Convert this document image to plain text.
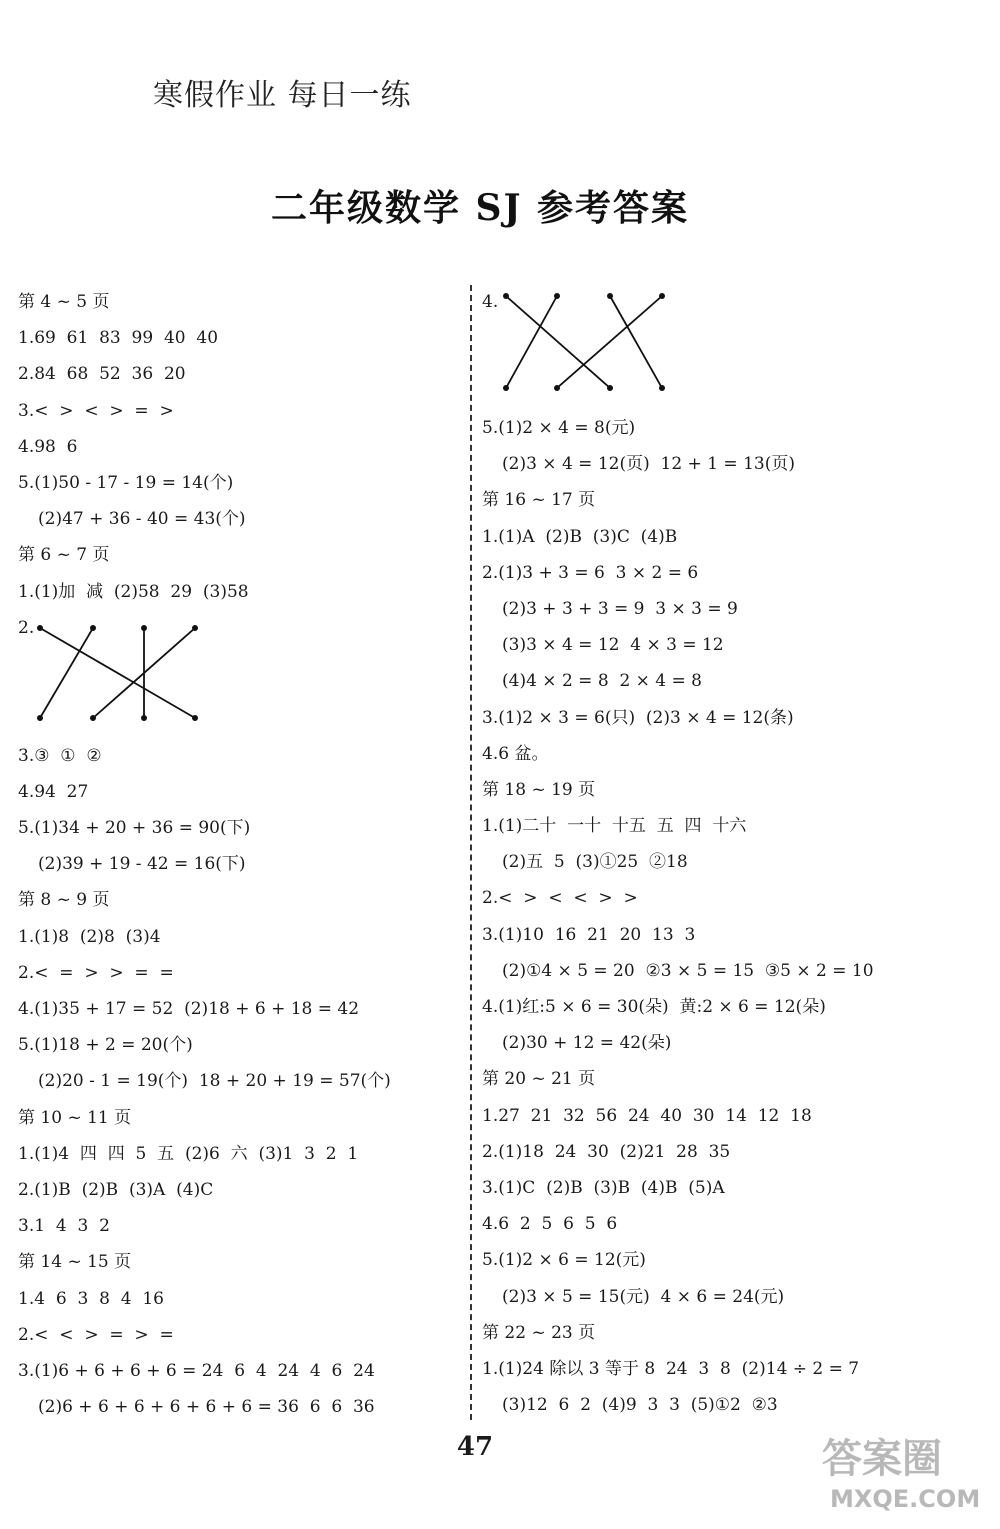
寒假作业 每日一练
二年级数学 SJ 参考答案
第 4 ~ 5 页
1.69  61  83  99  40  40
2.84  68  52  36  20
3.<  >  <  >  =  >
4.98  6
5.(1)50 - 17 - 19 = 14(个)
(2)47 + 36 - 40 = 43(个)
第 6 ~ 7 页
1.(1)加  减  (2)58  29  (3)58
2.
3.③  ①  ②
4.94  27
5.(1)34 + 20 + 36 = 90(下)
(2)39 + 19 - 42 = 16(下)
第 8 ~ 9 页
1.(1)8  (2)8  (3)4
2.<  =  >  >  =  =
4.(1)35 + 17 = 52  (2)18 + 6 + 18 = 42
5.(1)18 + 2 = 20(个)
(2)20 - 1 = 19(个)  18 + 20 + 19 = 57(个)
第 10 ~ 11 页
1.(1)4  四  四  5  五  (2)6  六  (3)1  3  2  1
2.(1)B  (2)B  (3)A  (4)C
3.1  4  3  2
第 14 ~ 15 页
1.4  6  3  8  4  16
2.<  <  >  =  >  =
3.(1)6 + 6 + 6 + 6 = 24  6  4  24  4  6  24
(2)6 + 6 + 6 + 6 + 6 + 6 = 36  6  6  36
4.
5.(1)2 × 4 = 8(元)
(2)3 × 4 = 12(页)  12 + 1 = 13(页)
第 16 ~ 17 页
1.(1)A  (2)B  (3)C  (4)B
2.(1)3 + 3 = 6  3 × 2 = 6
(2)3 + 3 + 3 = 9  3 × 3 = 9
(3)3 × 4 = 12  4 × 3 = 12
(4)4 × 2 = 8  2 × 4 = 8
3.(1)2 × 3 = 6(只)  (2)3 × 4 = 12(条)
4.6 盆。
第 18 ~ 19 页
1.(1)二十  一十  十五  五  四  十六
(2)五  5  (3)①25  ②18
2.<  >  <  <  >  >
3.(1)10  16  21  20  13  3
(2)①4 × 5 = 20  ②3 × 5 = 15  ③5 × 2 = 10
4.(1)红:5 × 6 = 30(朵)  黄:2 × 6 = 12(朵)
(2)30 + 12 = 42(朵)
第 20 ~ 21 页
1.27  21  32  56  24  40  30  14  12  18
2.(1)18  24  30  (2)21  28  35
3.(1)C  (2)B  (3)B  (4)B  (5)A
4.6  2  5  6  5  6
5.(1)2 × 6 = 12(元)
(2)3 × 5 = 15(元)  4 × 6 = 24(元)
第 22 ~ 23 页
1.(1)24 除以 3 等于 8  24  3  8  (2)14 ÷ 2 = 7
(3)12  6  2  (4)9  3  3  (5)①2  ②3
47	答案圈
MXQE.COM
